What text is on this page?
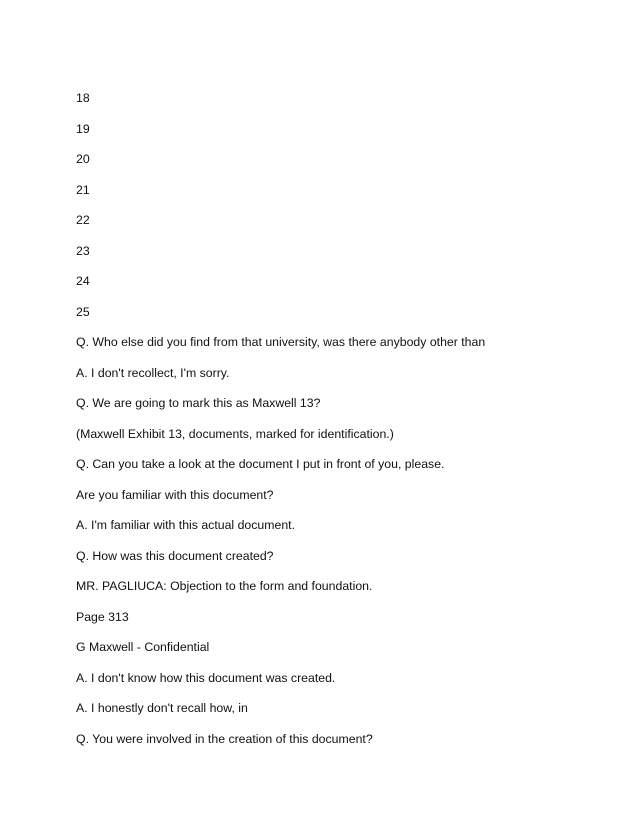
18
19
20
21
22
23
24
25
Q. Who else did you find from that university, was there anybody other than
A. I don't recollect, I'm sorry.
Q. We are going to mark this as Maxwell 13?
(Maxwell Exhibit 13, documents, marked for identification.)
Q. Can you take a look at the document I put in front of you, please.
Are you familiar with this document?
A. I'm familiar with this actual document.
Q. How was this document created?
MR. PAGLIUCA: Objection to the form and foundation.
Page 313
G Maxwell - Confidential
A. I don't know how this document was created.
A. I honestly don't recall how, in
Q. You were involved in the creation of this document?
